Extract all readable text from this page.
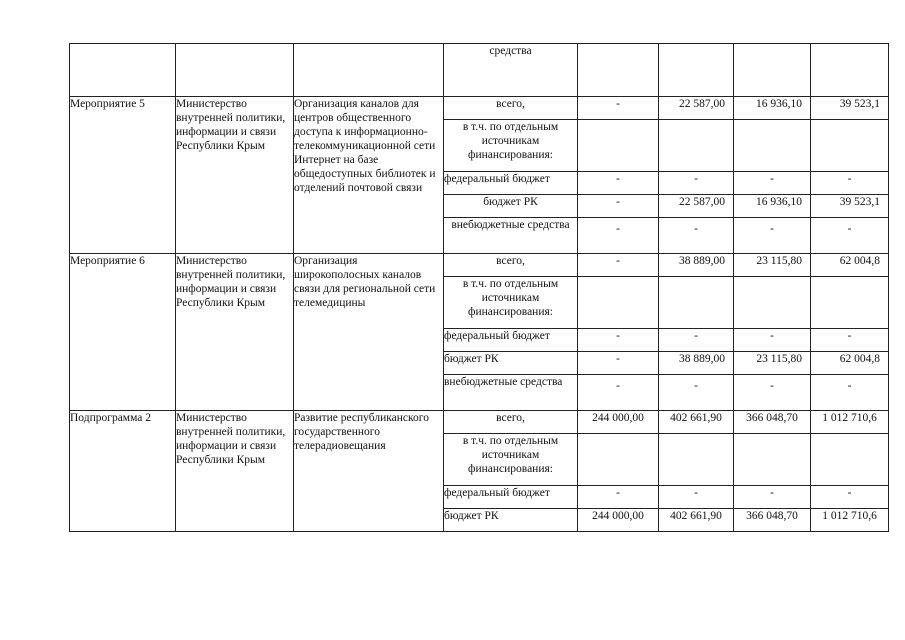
			средства				
Мероприятие 5	Министерство внутренней политики, информации и связи Республики Крым	Организация каналов для центров общественного доступа к информационно-телекоммуникационной сети Интернет на базе общедоступных библиотек и отделений почтовой связи	всего,	-	22 587,00	16 936,10	39 523,1
			в т.ч. по отдельным источникам финансирования:				
			федеральный бюджет	-	-	-	-
			бюджет РК	-	22 587,00	16 936,10	39 523,1
			внебюджетные средства	-	-	-	-
Мероприятие 6	Министерство внутренней политики, информации и связи Республики Крым	Организация широкополосных каналов связи для региональной сети телемедицины	всего,	-	38 889,00	23 115,80	62 004,8
			в т.ч. по отдельным источникам финансирования:				
			федеральный бюджет	-	-	-	-
			бюджет РК	-	38 889,00	23 115,80	62 004,8
			внебюджетные средства	-	-	-	-
Подпрограмма 2	Министерство внутренней политики, информации и связи Республики Крым	Развитие республиканского государственного телерадиовещания	всего,	244 000,00	402 661,90	366 048,70	1 012 710,6
			в т.ч. по отдельным источникам финансирования:				
			федеральный бюджет	-	-	-	-
			бюджет РК	244 000,00	402 661,90	366 048,70	1 012 710,6
